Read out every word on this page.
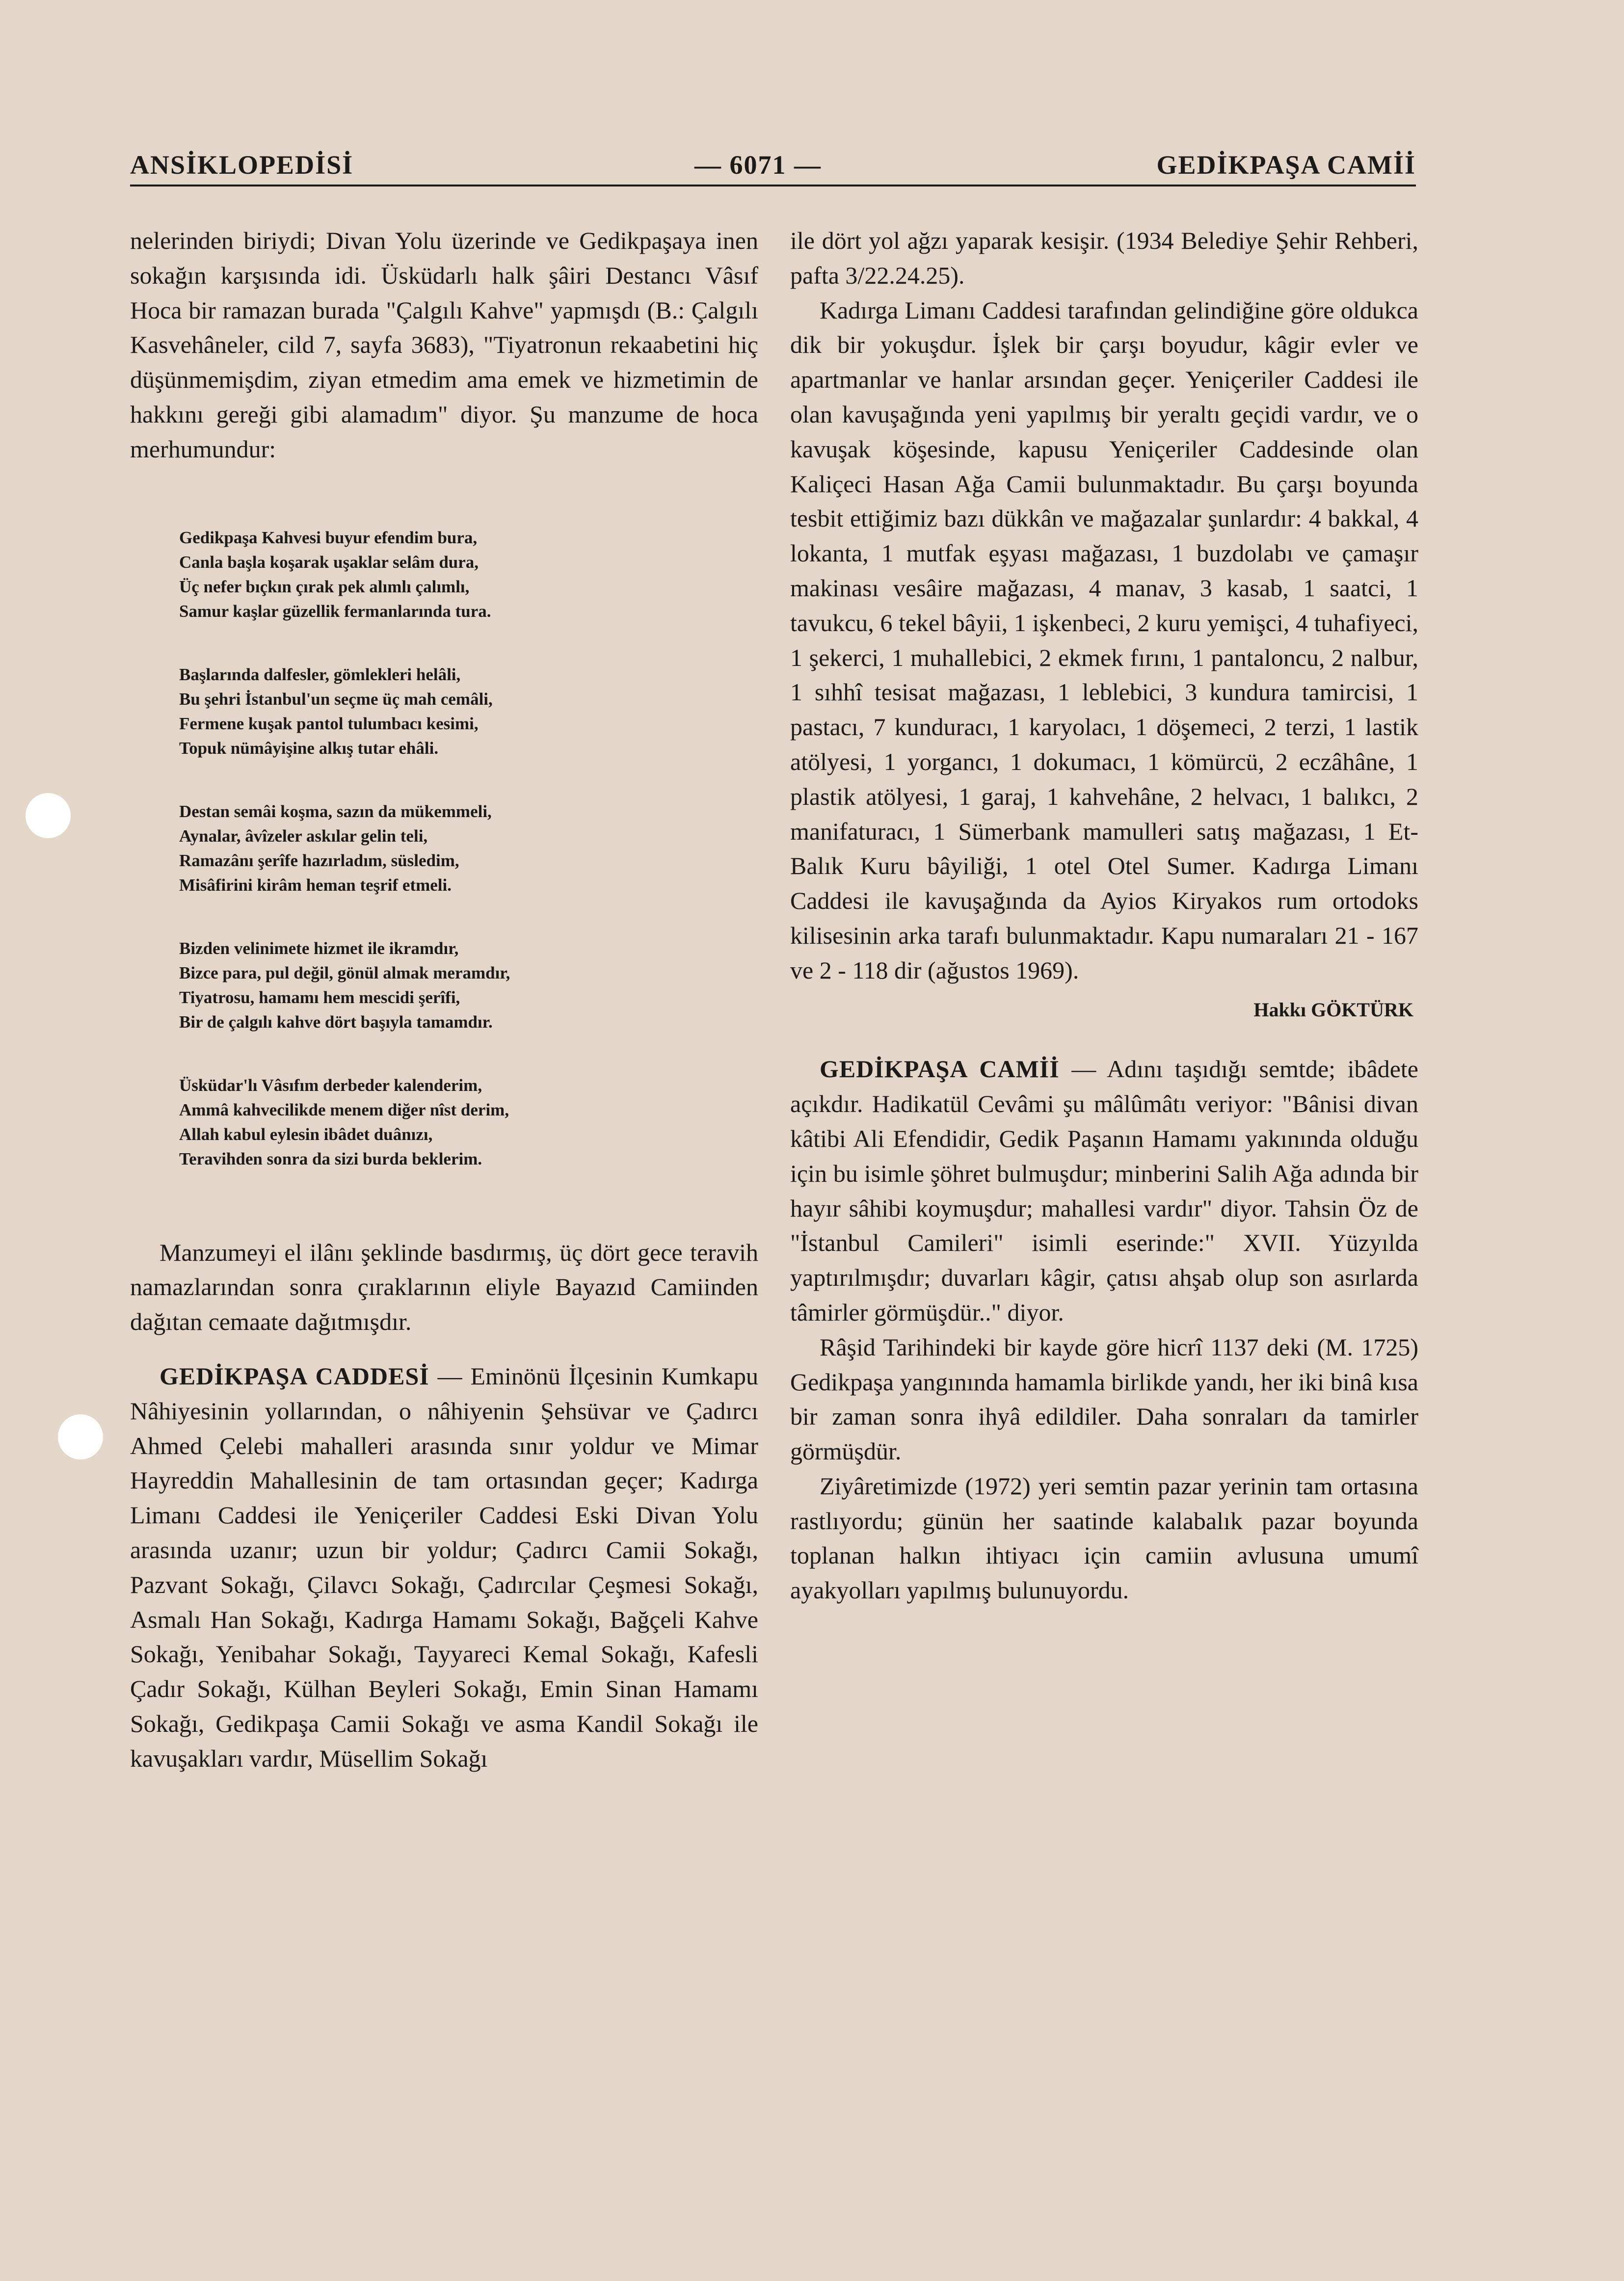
ANSİKLOPEDİSİ	— 6071 —	GEDİKPAŞA CAMİİ

nelerinden biriydi; Divan Yolu üzerinde ve Gedikpaşaya inen sokağın karşısında idi. Üsküdarlı halk şâiri Destancı Vâsıf Hoca bir ramazan burada "Çalgılı Kahve" yapmışdı (B.: Çalgılı Kasvehâneler, cild 7, sayfa 3683), "Tiyatronun rekaabetini hiç düşünmemişdim, ziyan etmedim ama emek ve hizmetimin de hakkını gereği gibi alamadım" diyor. Şu manzume de hoca merhumundur:

Gedikpaşa Kahvesi buyur efendim bura,
Canla başla koşarak uşaklar selâm dura,
Üç nefer bıçkın çırak pek alımlı çalımlı,
Samur kaşlar güzellik fermanlarında tura.
Başlarında dalfesler, gömlekleri helâli,
Bu şehri İstanbul'un seçme üç mah cemâli,
Fermene kuşak pantol tulumbacı kesimi,
Topuk nümâyişine alkış tutar ehâli.
Destan semâi koşma, sazın da mükemmeli,
Aynalar, âvîzeler askılar gelin teli,
Ramazânı şerîfe hazırladım, süsledim,
Misâfirini kirâm heman teşrif etmeli.
Bizden velinimete hizmet ile ikramdır,
Bizce para, pul değil, gönül almak meramdır,
Tiyatrosu, hamamı hem mescidi şerîfi,
Bir de çalgılı kahve dört başıyla tamamdır.
Üsküdar'lı Vâsıfım derbeder kalenderim,
Ammâ kahvecilikde menem diğer nîst derim,
Allah kabul eylesin ibâdet duânızı,
Teravihden sonra da sizi burda beklerim.

Manzumeyi el ilânı şeklinde basdırmış, üç dört gece teravih namazlarından sonra çıraklarının eliyle Bayazıd Camiinden dağıtan cemaate dağıtmışdır.

GEDİKPAŞA CADDESİ — Eminönü İlçesinin Kumkapu Nâhiyesinin yollarından, o nâhiyenin Şehsüvar ve Çadırcı Ahmed Çelebi mahalleri arasında sınır yoldur ve Mimar Hayreddin Mahallesinin de tam ortasından geçer; Kadırga Limanı Caddesi ile Yeniçeriler Caddesi Eski Divan Yolu arasında uzanır; uzun bir yoldur; Çadırcı Camii Sokağı, Pazvant Sokağı, Çilavcı Sokağı, Çadırcılar Çeşmesi Sokağı, Asmalı Han Sokağı, Kadırga Hamamı Sokağı, Bağçeli Kahve Sokağı, Yenibahar Sokağı, Tayyareci Kemal Sokağı, Kafesli Çadır Sokağı, Külhan Beyleri Sokağı, Emin Sinan Hamamı Sokağı, Gedikpaşa Camii Sokağı ve asma Kandil Sokağı ile kavuşakları vardır, Müsellim Sokağı

ile dört yol ağzı yaparak kesişir. (1934 Belediye Şehir Rehberi, pafta 3/22.24.25).

Kadırga Limanı Caddesi tarafından gelindiğine göre oldukca dik bir yokuşdur. İşlek bir çarşı boyudur, kâgir evler ve apartmanlar ve hanlar arsından geçer. Yeniçeriler Caddesi ile olan kavuşağında yeni yapılmış bir yeraltı geçidi vardır, ve o kavuşak köşesinde, kapusu Yeniçeriler Caddesinde olan Kaliçeci Hasan Ağa Camii bulunmaktadır. Bu çarşı boyunda tesbit ettiğimiz bazı dükkân ve mağazalar şunlardır: 4 bakkal, 4 lokanta, 1 mutfak eşyası mağazası, 1 buzdolabı ve çamaşır makinası vesâire mağazası, 4 manav, 3 kasab, 1 saatci, 1 tavukcu, 6 tekel bâyii, 1 işkenbeci, 2 kuru yemişci, 4 tuhafiyeci, 1 şekerci, 1 muhallebici, 2 ekmek fırını, 1 pantaloncu, 2 nalbur, 1 sıhhî tesisat mağazası, 1 leblebici, 3 kundura tamircisi, 1 pastacı, 7 kunduracı, 1 karyolacı, 1 döşemeci, 2 terzi, 1 lastik atölyesi, 1 yorgancı, 1 dokumacı, 1 kömürcü, 2 eczâhâne, 1 plastik atölyesi, 1 garaj, 1 kahvehâne, 2 helvacı, 1 balıkcı, 2 manifaturacı, 1 Sümerbank mamulleri satış mağazası, 1 Et-Balık Kuru bâyiliği, 1 otel Otel Sumer. Kadırga Limanı Caddesi ile kavuşağında da Ayios Kiryakos rum ortodoks kilisesinin arka tarafı bulunmaktadır. Kapu numaraları 21 - 167 ve 2 - 118 dir (ağustos 1969).

Hakkı GÖKTÜRK

GEDİKPAŞA CAMİİ — Adını taşıdığı semtde; ibâdete açıkdır. Hadikatül Cevâmi şu mâlûmâtı veriyor: "Bânisi divan kâtibi Ali Efendidir, Gedik Paşanın Hamamı yakınında olduğu için bu isimle şöhret bulmuşdur; minberini Salih Ağa adında bir hayır sâhibi koymuşdur; mahallesi vardır" diyor. Tahsin Öz de "İstanbul Camileri" isimli eserinde:" XVII. Yüzyılda yaptırılmışdır; duvarları kâgir, çatısı ahşab olup son asırlarda tâmirler görmüşdür.." diyor.

Râşid Tarihindeki bir kayde göre hicrî 1137 deki (M. 1725) Gedikpaşa yangınında hamamla birlikde yandı, her iki binâ kısa bir zaman sonra ihyâ edildiler. Daha sonraları da tamirler görmüşdür.

Ziyâretimizde (1972) yeri semtin pazar yerinin tam ortasına rastlıyordu; günün her saatinde kalabalık pazar boyunda toplanan halkın ihtiyacı için camiin avlusuna umumî ayakyolları yapılmış bulunuyordu.
